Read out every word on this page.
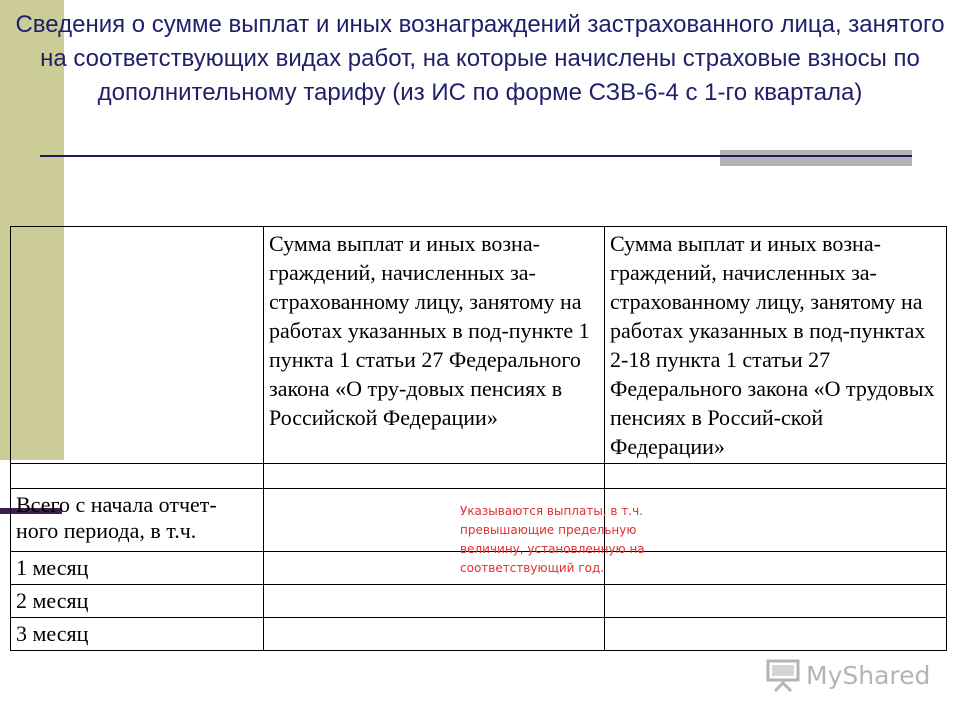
Сведения о сумме выплат и иных вознаграждений застрахованного лица, занятого на соответствующих видах работ, на которые начислены страховые взносы по дополнительному тарифу (из ИС по форме СЗВ-6-4 с 1-го квартала)
	Сумма выплат и иных возна-граждений, начисленных за-страхованному лицу, занятому на работах указанных в под-пункте 1 пункта 1 статьи 27 Федерального закона «О тру-довых пенсиях в Российской Федерации»	Сумма выплат и иных возна-граждений, начисленных за-страхованному лицу, занятому на работах указанных в под-пунктах 2-18 пункта 1 статьи 27 Федерального закона «О трудовых пенсиях в Россий-ской Федерации»

Всего с начала отчет-ного периода, в т.ч.		
1 месяц		
2 месяц		
3 месяц		
Указываются выплаты, в т.ч. превышающие предельную величину, установленную на соответствующий год.
MyShared
